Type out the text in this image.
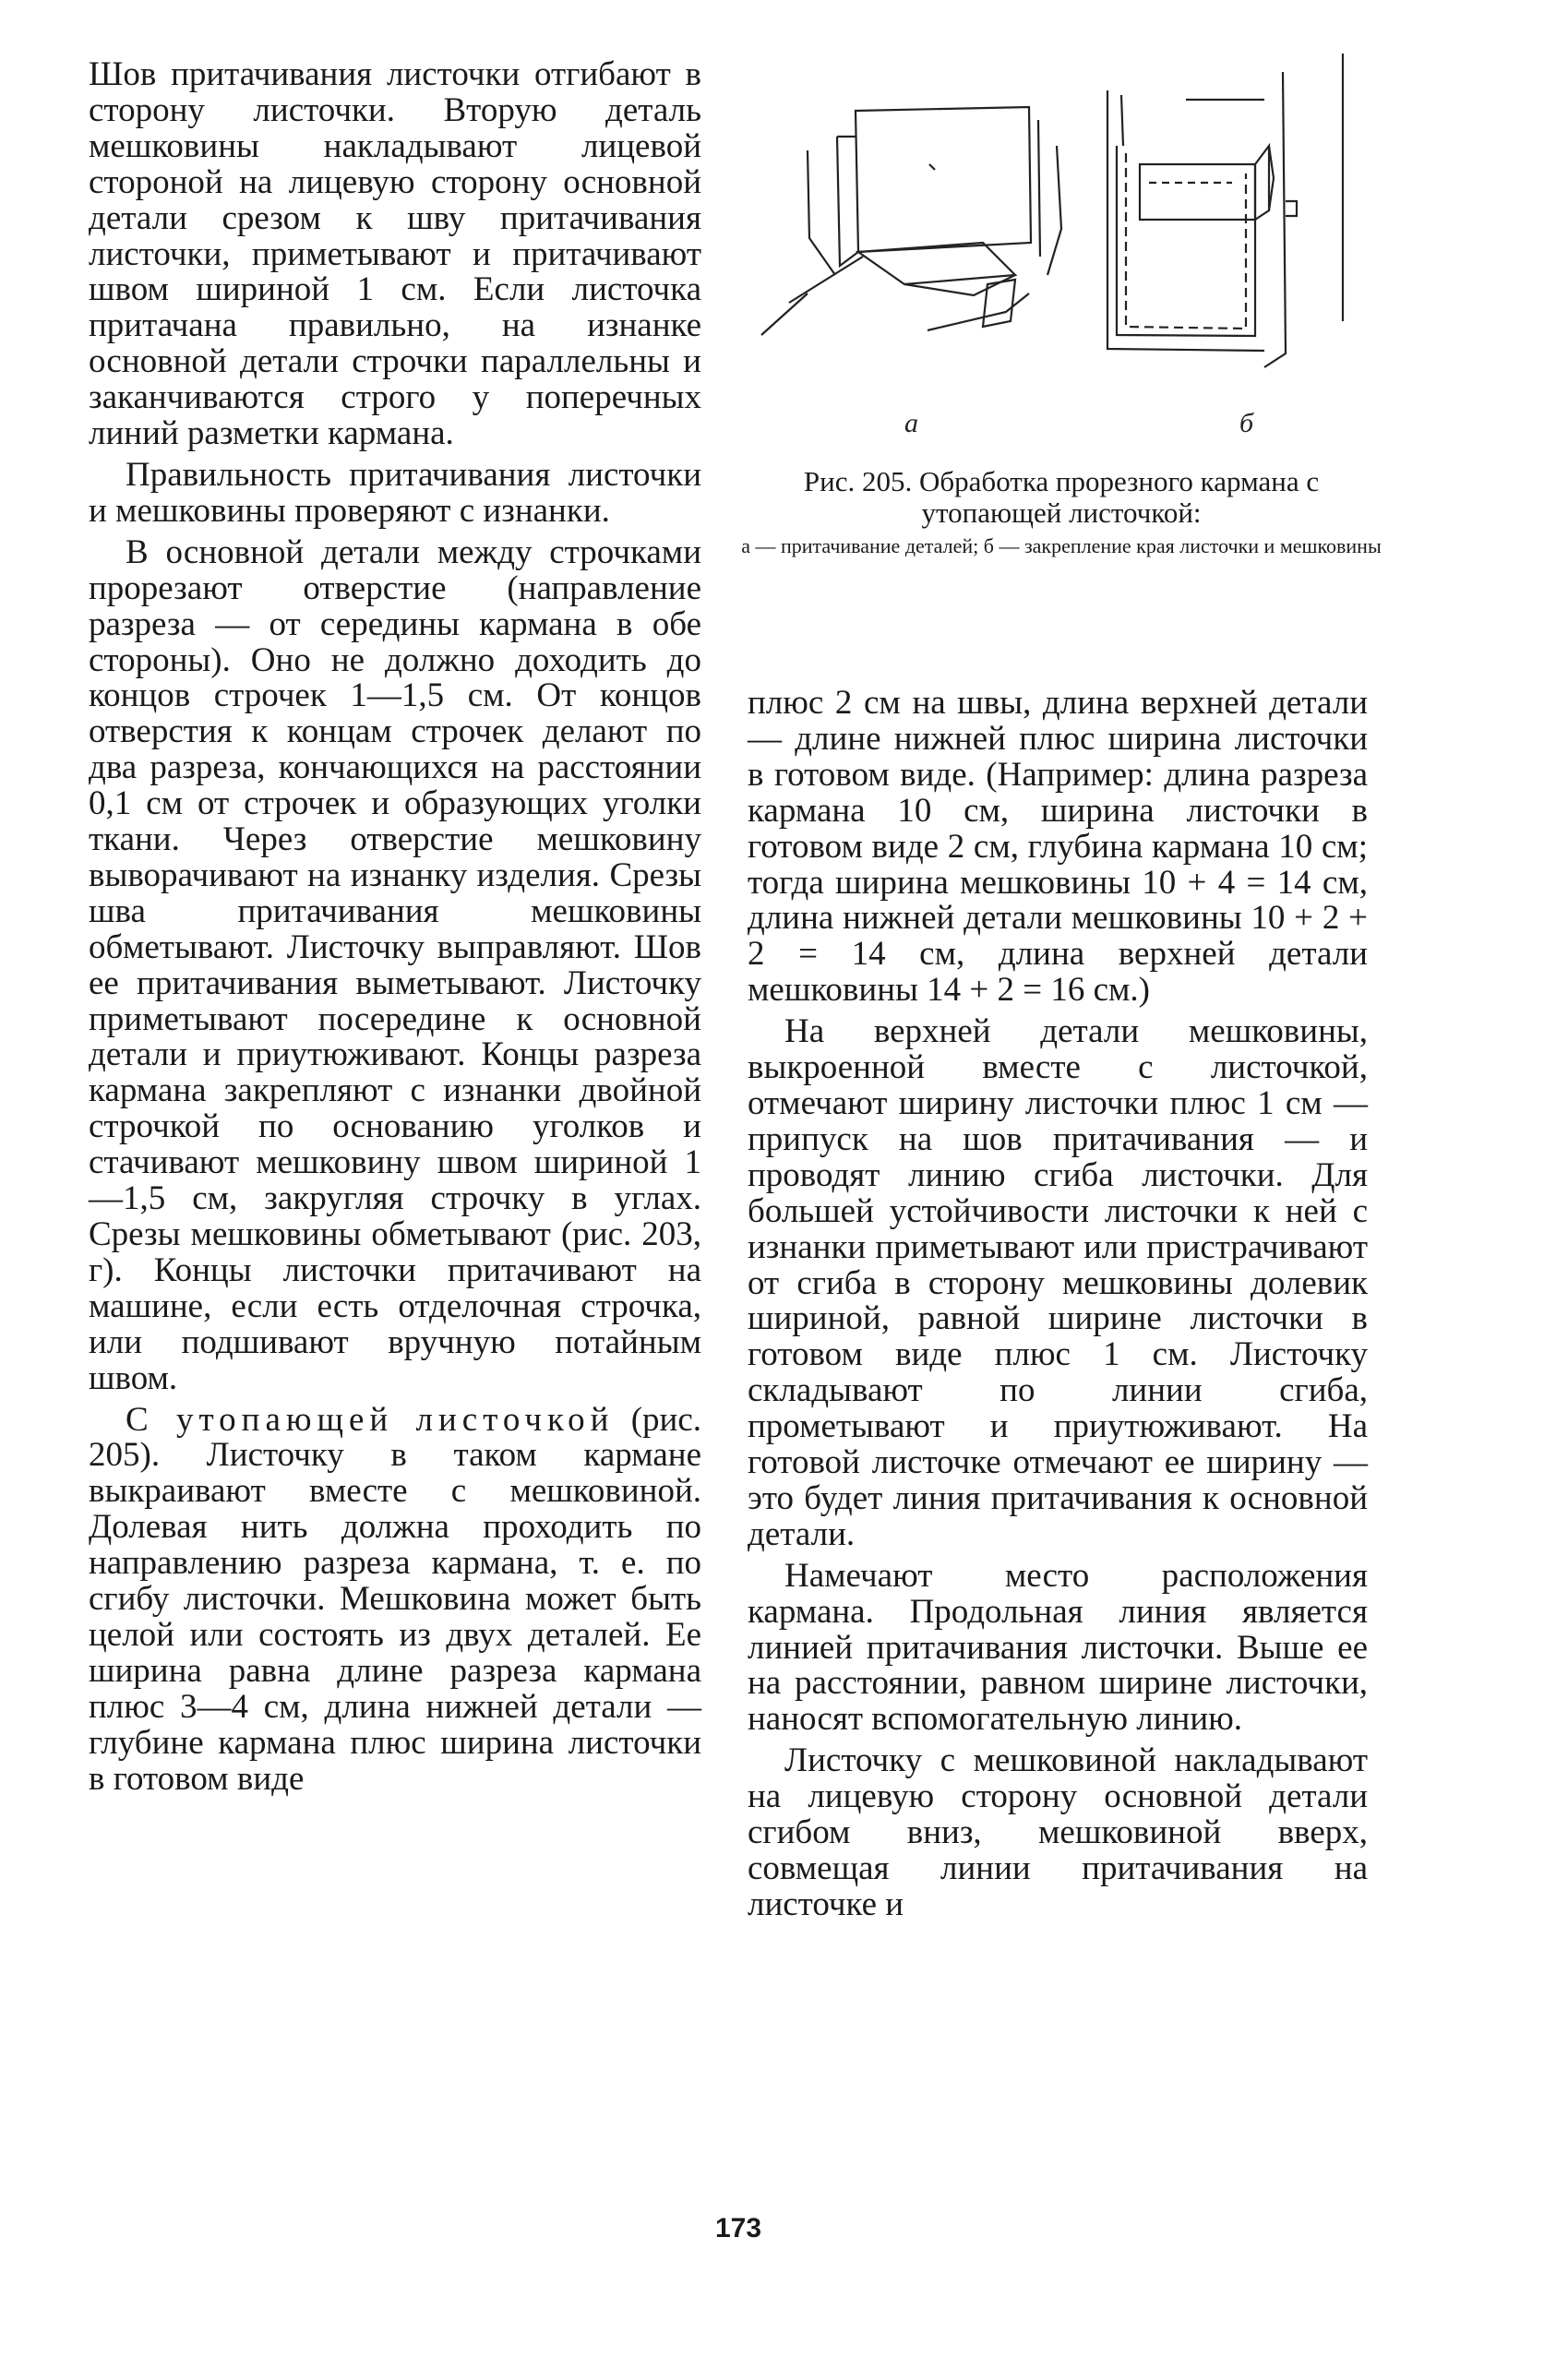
Шов притачивания листочки отгибают в сторону листочки. Вторую деталь мешковины накладывают лицевой стороной на лицевую сторону основной детали срезом к шву притачивания листочки, приметывают и притачивают швом шириной 1 см. Если листочка притачана правильно, на изнанке основной детали строчки параллельны и заканчиваются строго у поперечных линий разметки кармана.

Правильность притачивания листочки и мешковины проверяют с изнанки.

В основной детали между строчками прорезают отверстие (направление разреза — от середины кармана в обе стороны). Оно не должно доходить до концов строчек 1—1,5 см. От концов отверстия к концам строчек делают по два разреза, кончающихся на расстоянии 0,1 см от строчек и образующих уголки ткани. Через отверстие мешковину выворачивают на изнанку изделия. Срезы шва притачивания мешковины обметывают. Листочку выправляют. Шов ее притачивания выметывают. Листочку приметывают посередине к основной детали и приутюживают. Концы разреза кармана закрепляют с изнанки двойной строчкой по основанию уголков и стачивают мешковину швом шириной 1—1,5 см, закругляя строчку в углах. Срезы мешковины обметывают (рис. 203, г). Концы листочки притачивают на машине, если есть отделочная строчка, или подшивают вручную потайным швом.

С утопающей листочкой (рис. 205). Листочку в таком кармане выкраивают вместе с мешковиной. Долевая нить должна проходить по направлению разреза кармана, т. е. по сгибу листочки. Мешковина может быть целой или состоять из двух деталей. Ее ширина равна длине разреза кармана плюс 3—4 см, длина нижней детали — глубине кармана плюс ширина листочки в готовом виде

а	б
Рис. 205. Обработка прорезного кармана с утопающей листочкой:
а — притачивание деталей; б — закрепление края листочки и мешковины

плюс 2 см на швы, длина верхней детали — длине нижней плюс ширина листочки в готовом виде. (Например: длина разреза кармана 10 см, ширина листочки в готовом виде 2 см, глубина кармана 10 см; тогда ширина мешковины 10 + 4 = 14 см, длина нижней детали мешковины 10 + 2 + 2 = 14 см, длина верхней детали мешковины 14 + 2 = 16 см.)

На верхней детали мешковины, выкроенной вместе с листочкой, отмечают ширину листочки плюс 1 см — припуск на шов притачивания — и проводят линию сгиба листочки. Для большей устойчивости листочки к ней с изнанки приметывают или пристрачивают от сгиба в сторону мешковины долевик шириной, равной ширине листочки в готовом виде плюс 1 см. Листочку складывают по линии сгиба, прометывают и приутюживают. На готовой листочке отмечают ее ширину — это будет линия притачивания к основной детали.

Намечают место расположения кармана. Продольная линия является линией притачивания листочки. Выше ее на расстоянии, равном ширине листочки, наносят вспомогательную линию.

Листочку с мешковиной накладывают на лицевую сторону основной детали сгибом вниз, мешковиной вверх, совмещая линии притачивания на листочке и

173
